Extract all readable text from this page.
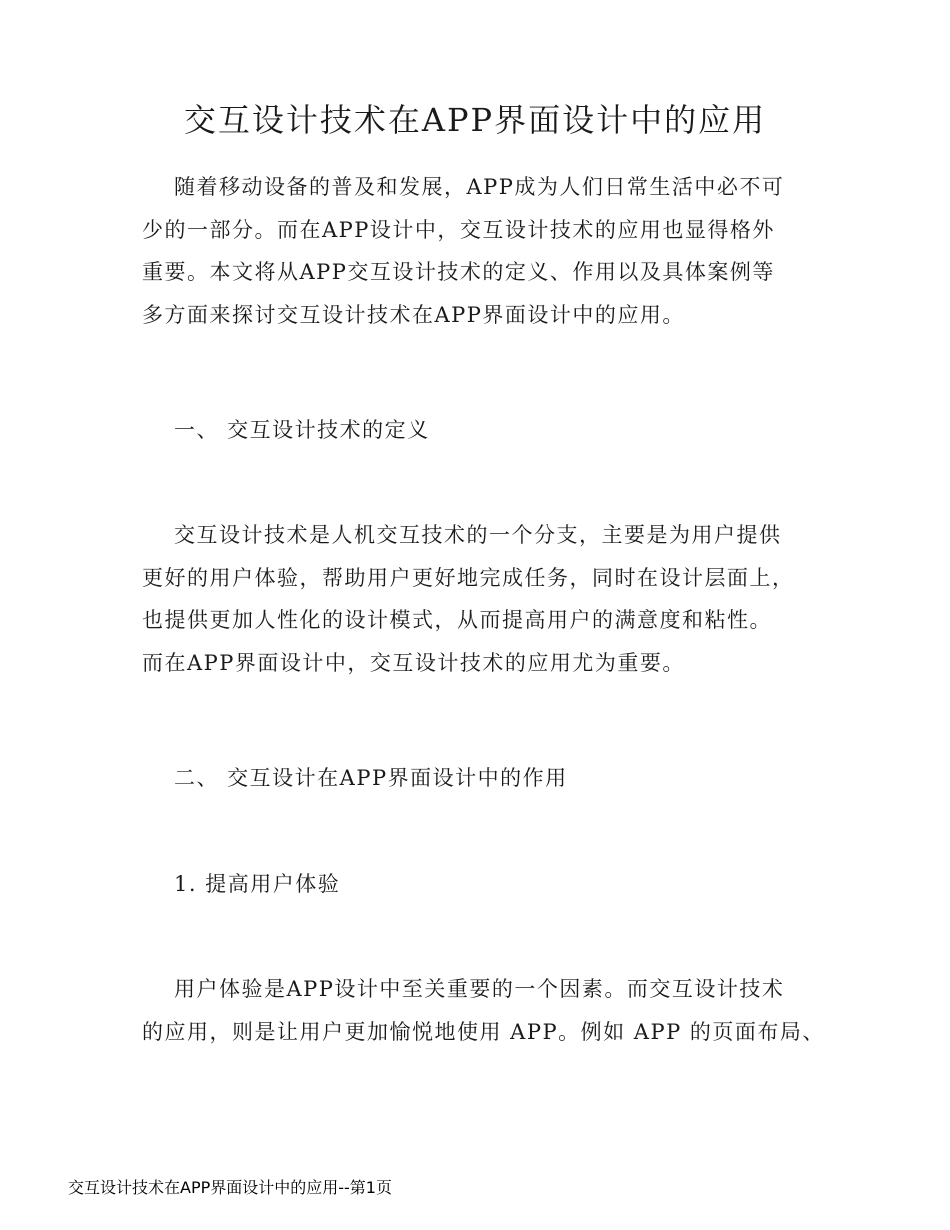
交互设计技术在APP界面设计中的应用
随着移动设备的普及和发展，APP成为人们日常生活中必不可
少的一部分。而在APP设计中，交互设计技术的应用也显得格外
重要。本文将从APP交互设计技术的定义、作用以及具体案例等
多方面来探讨交互设计技术在APP界面设计中的应用。
一、 交互设计技术的定义
交互设计技术是人机交互技术的一个分支，主要是为用户提供
更好的用户体验，帮助用户更好地完成任务，同时在设计层面上，
也提供更加人性化的设计模式，从而提高用户的满意度和粘性。
而在APP界面设计中，交互设计技术的应用尤为重要。
二、 交互设计在APP界面设计中的作用
1. 提高用户体验
用户体验是APP设计中至关重要的一个因素。而交互设计技术
的应用，则是让用户更加愉悦地使用 APP。例如 APP 的页面布局、
交互设计技术在APP界面设计中的应用--第1页
